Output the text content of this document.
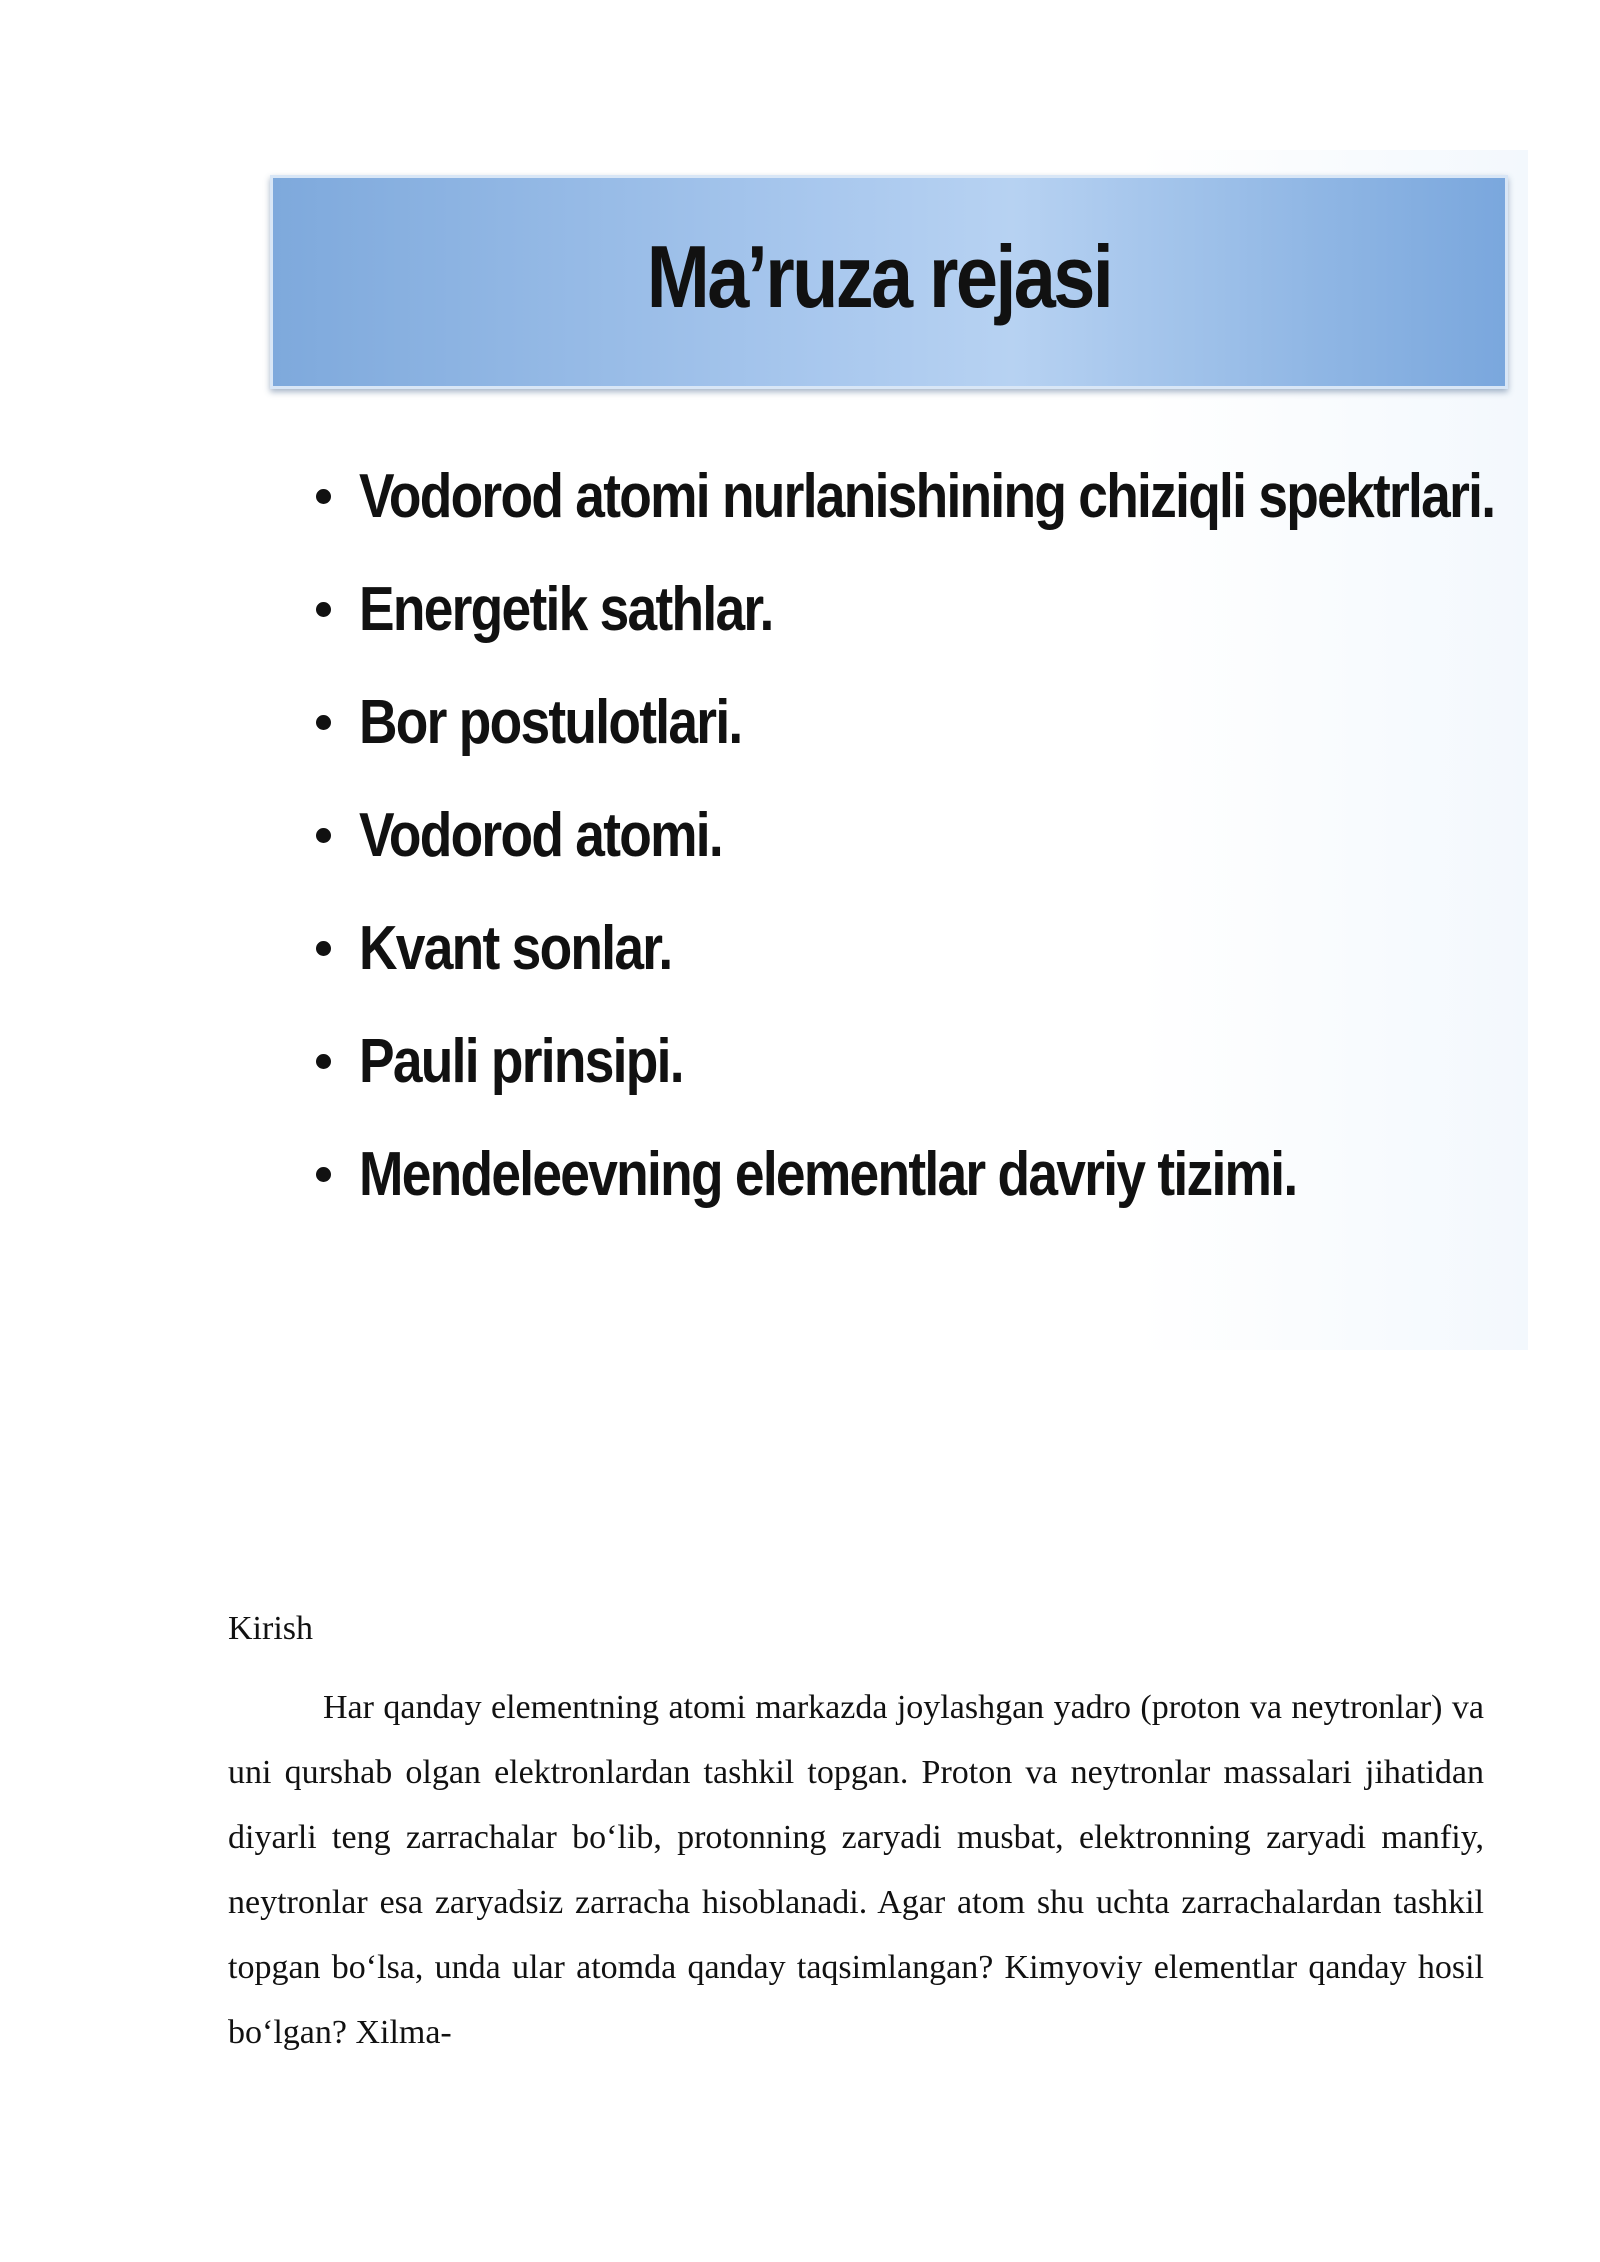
Ma’ruza rejasi
Vodorod atomi nurlanishining chiziqli spektrlari.
Energetik sathlar.
Bor postulotlari.
Vodorod atomi.
Kvant sonlar.
Pauli prinsipi.
Mendeleevning elementlar davriy tizimi.
Kirish

Har qanday elementning atomi markazda joylashgan yadro (proton va neytronlar) va uni qurshab olgan elektronlardan tashkil topgan. Proton va neytronlar massalari jihatidan diyarli teng zarrachalar bo‘lib, protonning zaryadi musbat, elektronning zaryadi manfiy, neytronlar esa zaryadsiz zarracha hisoblanadi. Agar atom shu uchta zarrachalardan tashkil topgan bo‘lsa, unda ular atomda qanday taqsimlangan? Kimyoviy elementlar qanday hosil bo‘lgan? Xilma-
